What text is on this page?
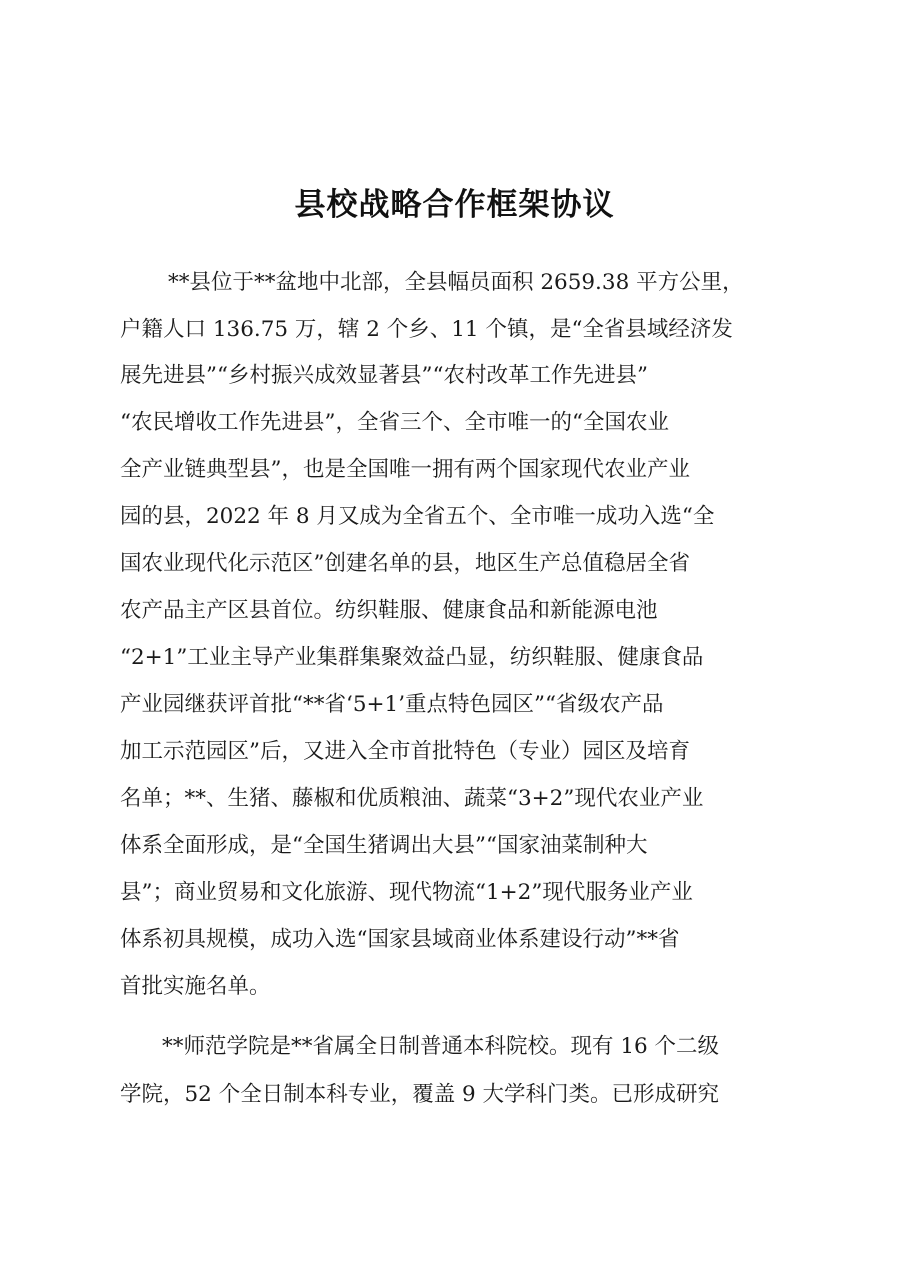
县校战略合作框架协议

**县位于**盆地中北部，全县幅员面积 2659.38 平方公里，

户籍人口 136.75 万，辖 2 个乡、11 个镇，是“全省县域经济发

展先进县”“乡村振兴成效显著县”“农村改革工作先进县”

“农民增收工作先进县”，全省三个、全市唯一的“全国农业

全产业链典型县”，也是全国唯一拥有两个国家现代农业产业

园的县，2022 年 8 月又成为全省五个、全市唯一成功入选“全

国农业现代化示范区”创建名单的县，地区生产总值稳居全省

农产品主产区县首位。纺织鞋服、健康食品和新能源电池

“2+1”工业主导产业集群集聚效益凸显，纺织鞋服、健康食品

产业园继获评首批“**省‘5+1’重点特色园区”“省级农产品

加工示范园区”后，又进入全市首批特色（专业）园区及培育

名单；**、生猪、藤椒和优质粮油、蔬菜“3+2”现代农业产业

体系全面形成，是“全国生猪调出大县”“国家油菜制种大

县”；商业贸易和文化旅游、现代物流“1+2”现代服务业产业

体系初具规模，成功入选“国家县域商业体系建设行动”**省

首批实施名单。

**师范学院是**省属全日制普通本科院校。现有 16 个二级

学院，52 个全日制本科专业，覆盖 9 大学科门类。已形成研究
